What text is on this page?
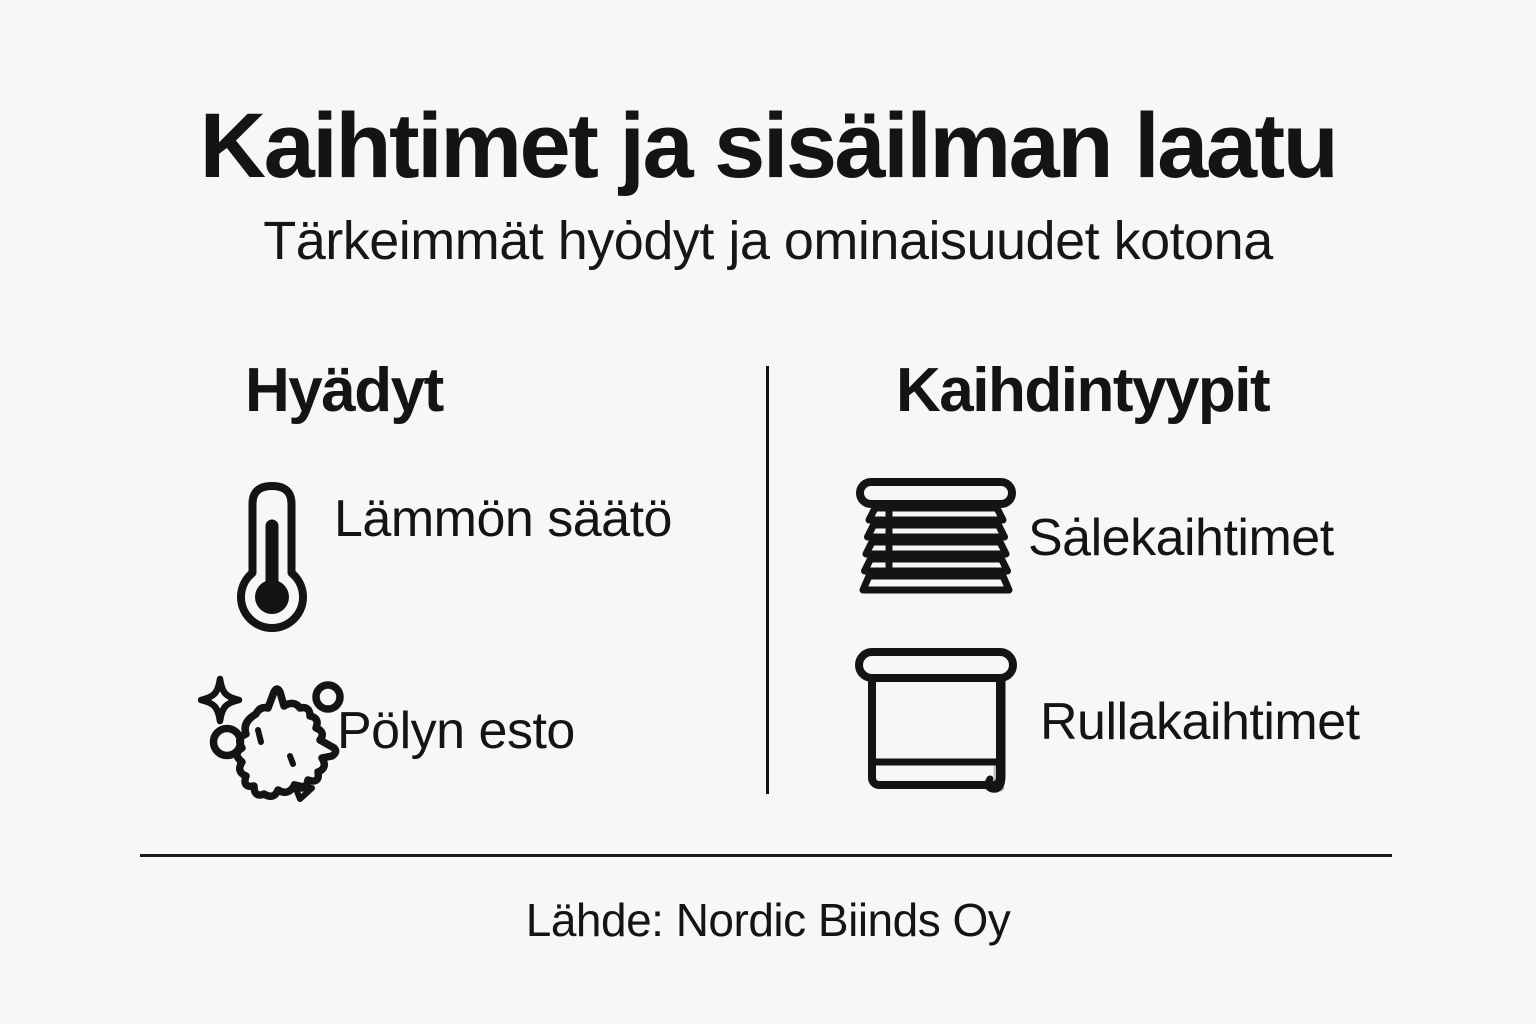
Kaihtimet ja sisäilman laatu

Tärkeimmät hyȯdyt ja ominaisuudet kotona

Hyädyt	Kaihdintyypit
Lämmön säätö
Pölyn esto
Sȧlekaihtimet
Rullakaihtimet

Lähde: Nordic Biinds Oy
